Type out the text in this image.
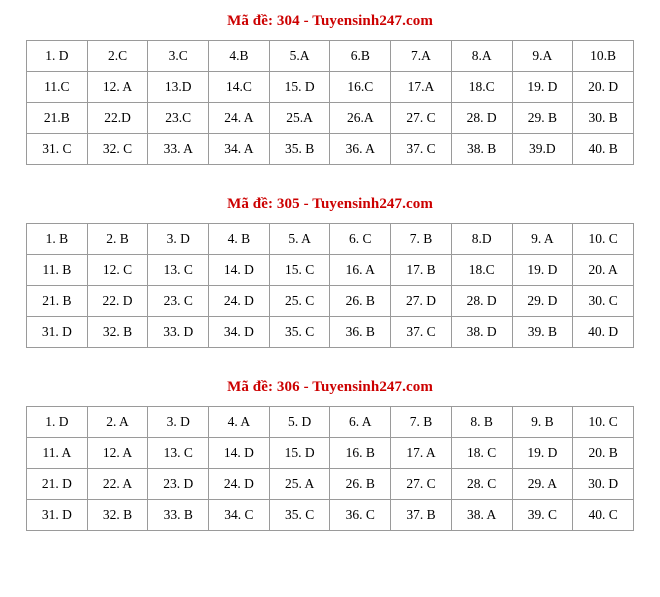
Mã đề: 304 - Tuyensinh247.com
1. D	2.C	3.C	4.B	5.A	6.B	7.A	8.A	9.A	10.B
11.C	12. A	13.D	14.C	15. D	16.C	17.A	18.C	19. D	20. D
21.B	22.D	23.C	24. A	25.A	26.A	27. C	28. D	29. B	30. B
31. C	32. C	33. A	34. A	35. B	36. A	37. C	38. B	39.D	40. B
Mã đề: 305 - Tuyensinh247.com
1. B	2. B	3. D	4. B	5. A	6. C	7. B	8.D	9. A	10. C
11. B	12. C	13. C	14. D	15. C	16. A	17. B	18.C	19. D	20. A
21. B	22. D	23. C	24. D	25. C	26. B	27. D	28. D	29. D	30. C
31. D	32. B	33. D	34. D	35. C	36. B	37. C	38. D	39. B	40. D
Mã đề: 306 - Tuyensinh247.com
1. D	2. A	3. D	4. A	5. D	6. A	7. B	8. B	9. B	10. C
11. A	12. A	13. C	14. D	15. D	16. B	17. A	18. C	19. D	20. B
21. D	22. A	23. D	24. D	25. A	26. B	27. C	28. C	29. A	30. D
31. D	32. B	33. B	34. C	35. C	36. C	37. B	38. A	39. C	40. C
